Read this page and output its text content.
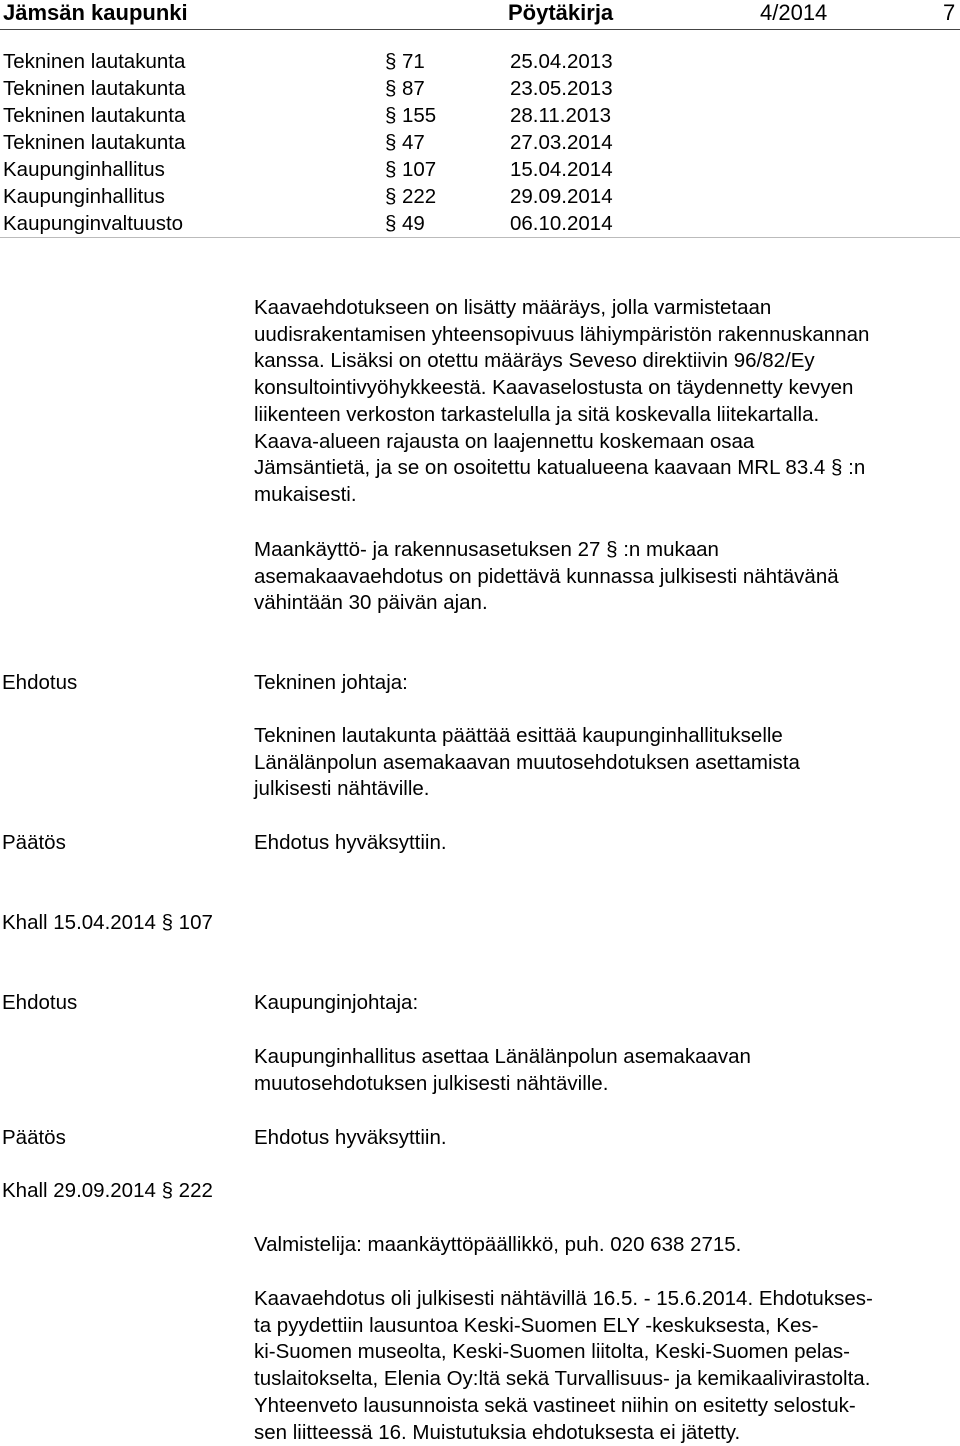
Jämsän kaupunki	Pöytäkirja	4/2014	7
Tekninen lautakunta	§ 71	25.04.2013
Tekninen lautakunta	§ 87	23.05.2013
Tekninen lautakunta	§ 155	28.11.2013
Tekninen lautakunta	§ 47	27.03.2014
Kaupunginhallitus	§ 107	15.04.2014
Kaupunginhallitus	§ 222	29.09.2014
Kaupunginvaltuusto	§ 49	06.10.2014
Kaavaehdotukseen on lisätty määräys, jolla varmistetaan
uudisrakentamisen yhteensopivuus lähiympäristön rakennuskannan
kanssa. Lisäksi on otettu määräys Seveso direktiivin 96/82/Ey
konsultointivyöhykkeestä. Kaavaselostusta on täydennetty kevyen
liikenteen verkoston tarkastelulla ja sitä koskevalla liitekartalla.
Kaava-alueen rajausta on laajennettu koskemaan osaa
Jämsäntietä, ja se on osoitettu katualueena kaavaan MRL 83.4 § :n
mukaisesti.
Maankäyttö- ja rakennusasetuksen 27 § :n mukaan
asemakaavaehdotus on pidettävä kunnassa julkisesti nähtävänä
vähintään 30 päivän ajan.
Ehdotus	Tekninen johtaja:
Tekninen lautakunta päättää esittää kaupunginhallitukselle
Länälänpolun asemakaavan muutosehdotuksen asettamista
julkisesti nähtäville.
Päätös	Ehdotus hyväksyttiin.
Khall 15.04.2014 § 107
Ehdotus	Kaupunginjohtaja:
Kaupunginhallitus asettaa Länälänpolun asemakaavan
muutosehdotuksen julkisesti nähtäville.
Päätös	Ehdotus hyväksyttiin.
Khall 29.09.2014 § 222
Valmistelija: maankäyttöpäällikkö, puh. 020 638 2715.
Kaavaehdotus oli julkisesti nähtävillä 16.5. - 15.6.2014. Ehdotukses-
ta pyydettiin lausuntoa Keski-Suomen ELY -keskuksesta, Kes-
ki-Suomen museolta, Keski-Suomen liitolta, Keski-Suomen pelas-
tuslaitokselta, Elenia Oy:ltä sekä Turvallisuus- ja kemikaalivirastolta.
Yhteenveto lausunnoista sekä vastineet niihin on esitetty selostuk-
sen liitteessä 16. Muistutuksia ehdotuksesta ei jätetty.
